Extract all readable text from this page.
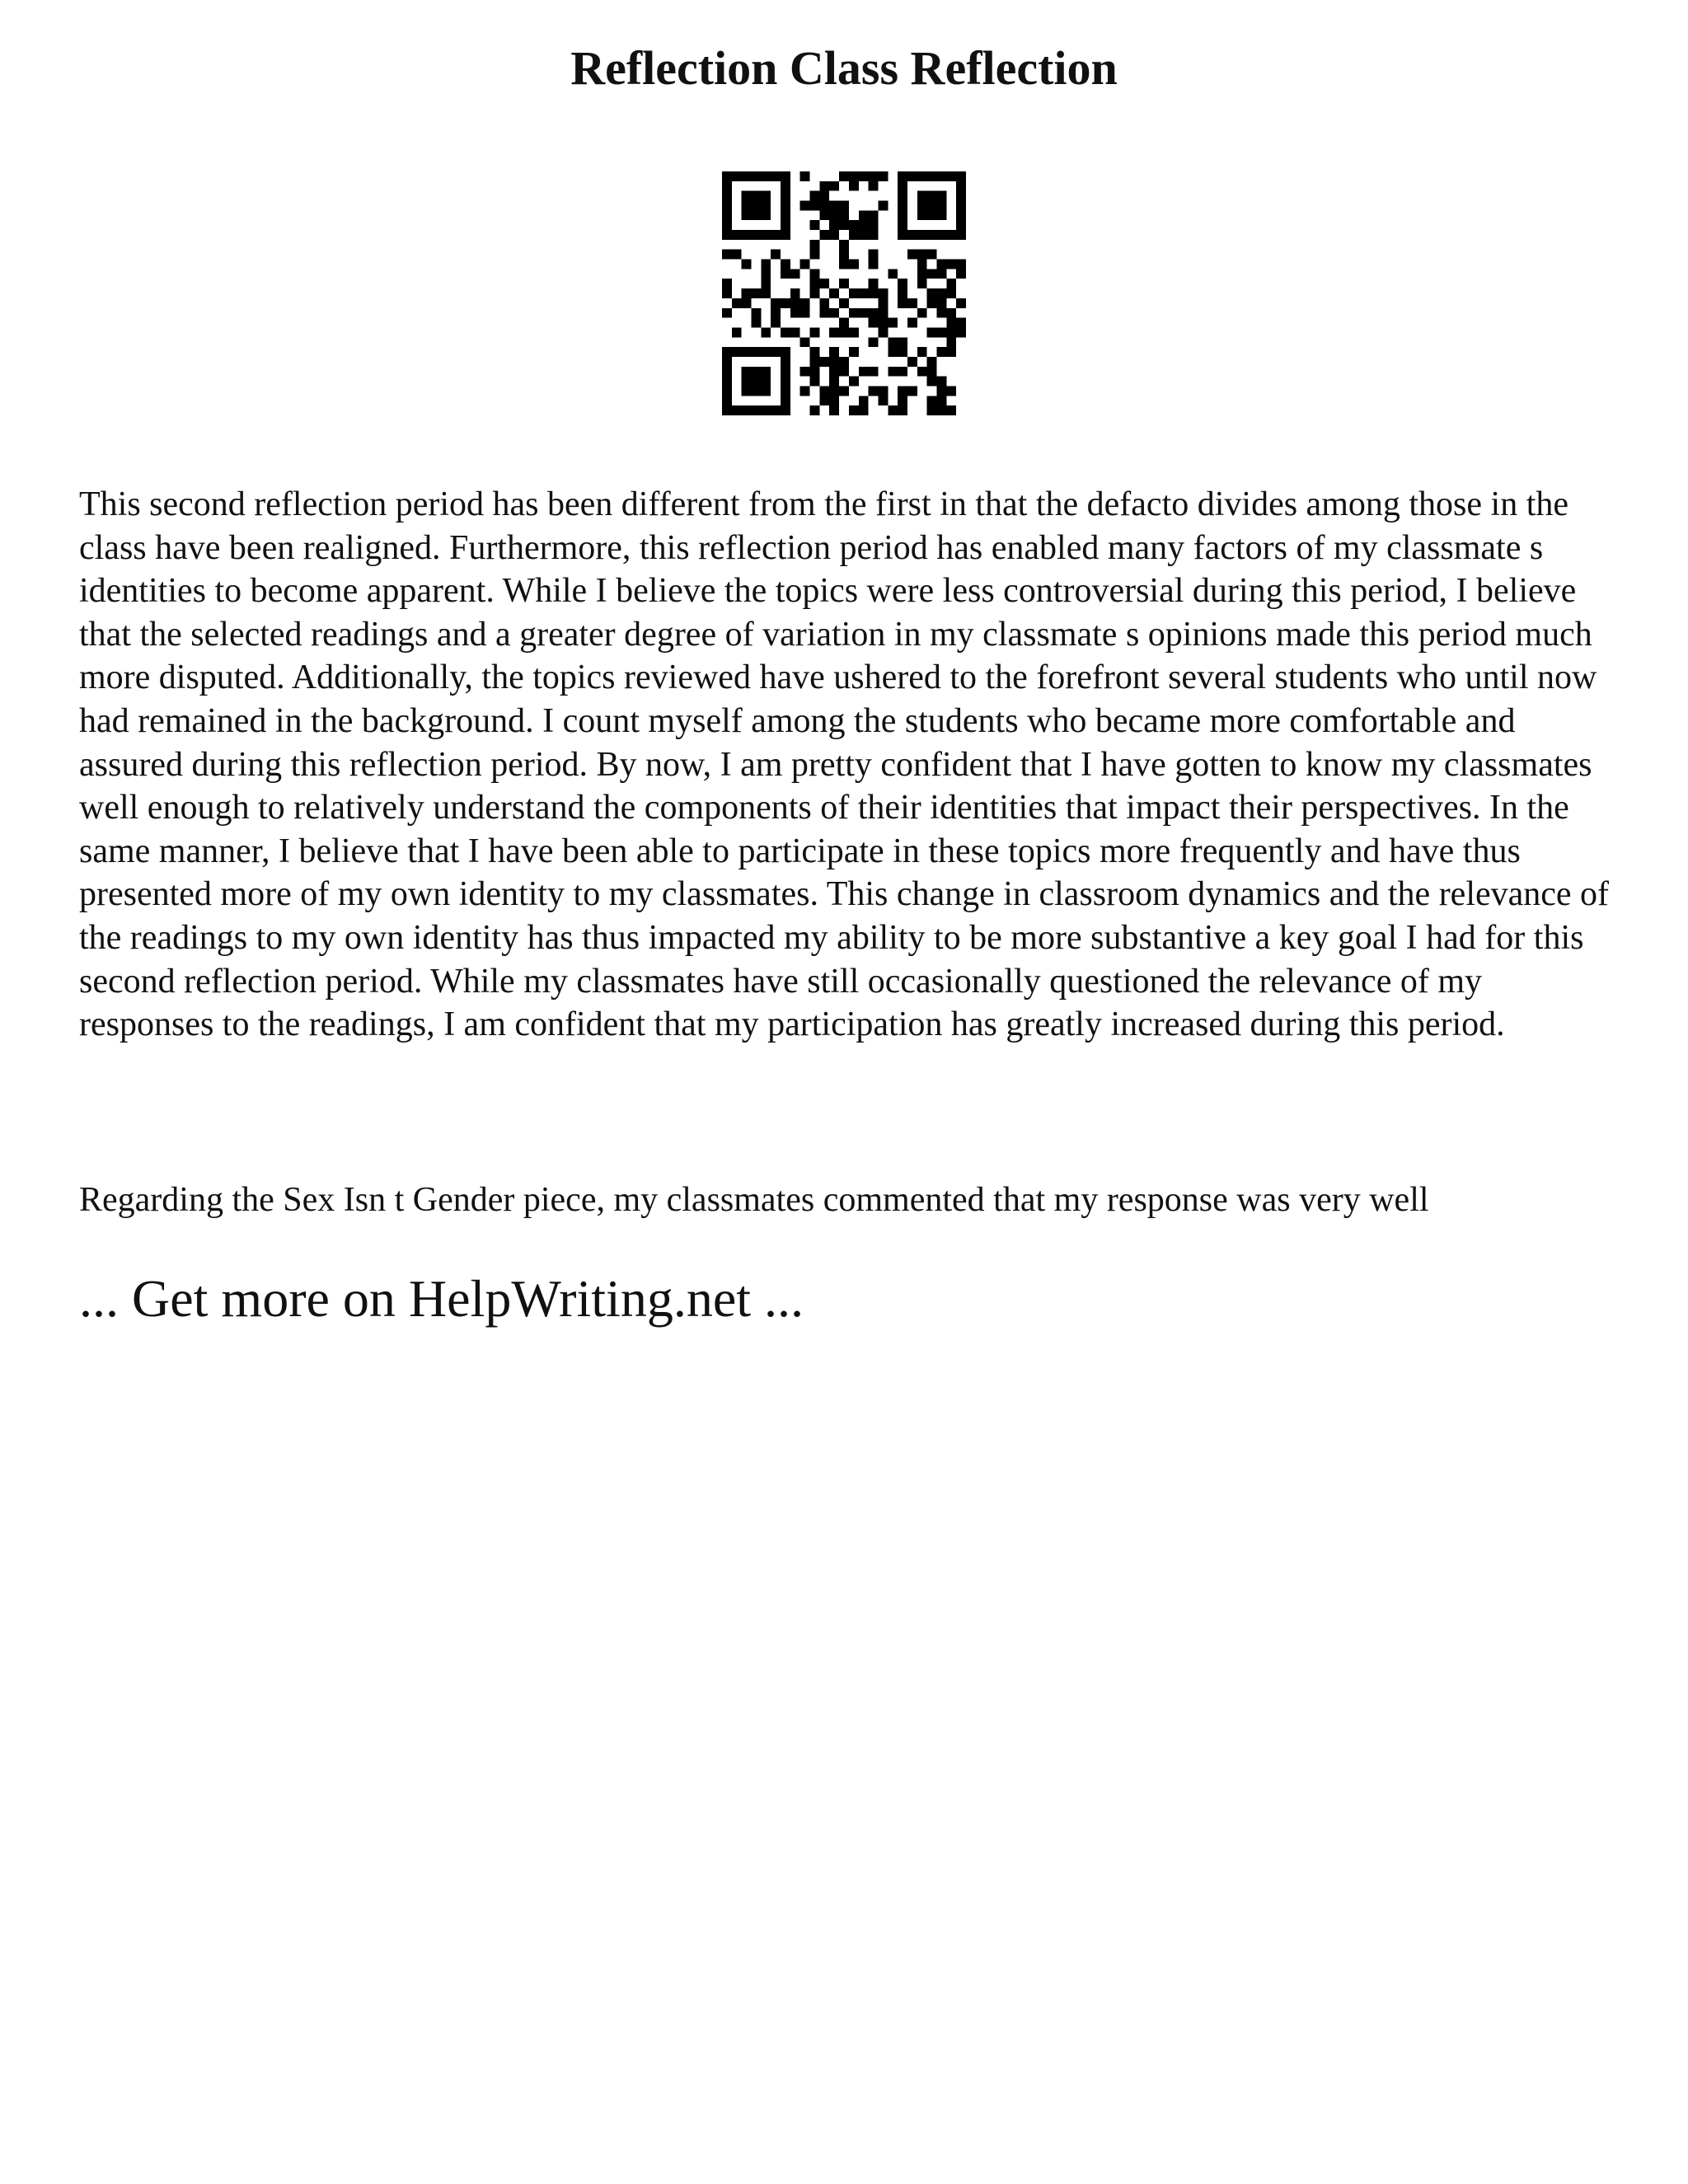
Reflection Class Reflection

This second reflection period has been different from the first in that the defacto divides among those in the class have been realigned. Furthermore, this reflection period has enabled many factors of my classmate s identities to become apparent. While I believe the topics were less controversial during this period, I believe that the selected readings and a greater degree of variation in my classmate s opinions made this period much more disputed. Additionally, the topics reviewed have ushered to the forefront several students who until now had remained in the background. I count myself among the students who became more comfortable and assured during this reflection period. By now, I am pretty confident that I have gotten to know my classmates well enough to relatively understand the components of their identities that impact their perspectives. In the same manner, I believe that I have been able to participate in these topics more frequently and have thus presented more of my own identity to my classmates. This change in classroom dynamics and the relevance of the readings to my own identity has thus impacted my ability to be more substantive a key goal I had for this second reflection period. While my classmates have still occasionally questioned the relevance of my responses to the readings, I am confident that my participation has greatly increased during this period.

Regarding the Sex Isn t Gender piece, my classmates commented that my response was very well

... Get more on HelpWriting.net ...
